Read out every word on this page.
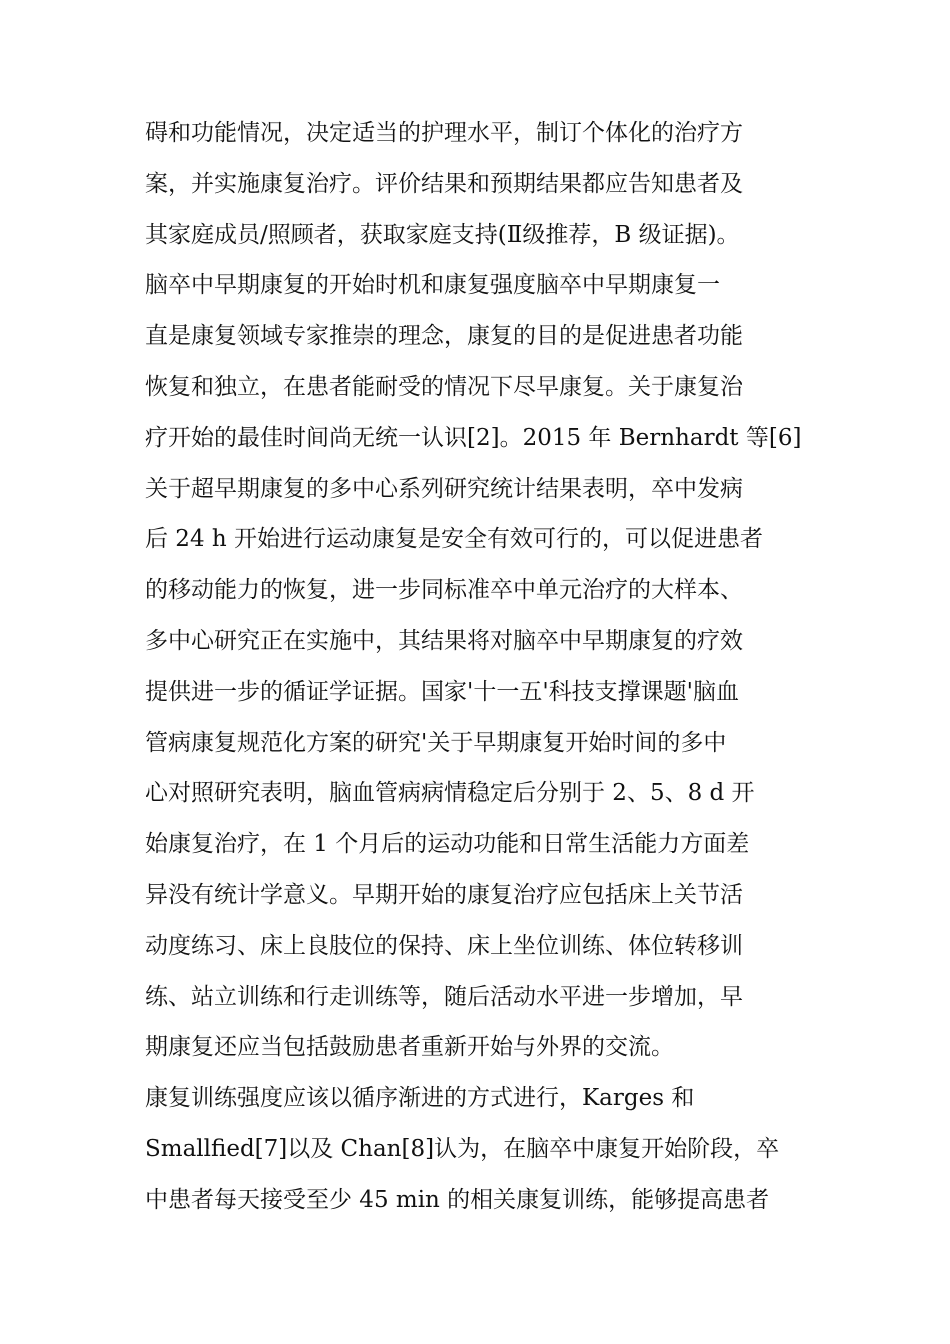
碍和功能情况，决定适当的护理水平，制订个体化的治疗方
案，并实施康复治疗。评价结果和预期结果都应告知患者及
其家庭成员/照顾者，获取家庭支持(Ⅱ级推荐，B 级证据)。
脑卒中早期康复的开始时机和康复强度脑卒中早期康复一
直是康复领域专家推崇的理念，康复的目的是促进患者功能
恢复和独立，在患者能耐受的情况下尽早康复。关于康复治
疗开始的最佳时间尚无统一认识[2]。2015 年 Bernhardt 等[6]
关于超早期康复的多中心系列研究统计结果表明，卒中发病
后 24 h 开始进行运动康复是安全有效可行的，可以促进患者
的移动能力的恢复，进一步同标准卒中单元治疗的大样本、
多中心研究正在实施中，其结果将对脑卒中早期康复的疗效
提供进一步的循证学证据。国家'十一五'科技支撑课题'脑血
管病康复规范化方案的研究'关于早期康复开始时间的多中
心对照研究表明，脑血管病病情稳定后分别于 2、5、8 d 开
始康复治疗，在 1 个月后的运动功能和日常生活能力方面差
异没有统计学意义。早期开始的康复治疗应包括床上关节活
动度练习、床上良肢位的保持、床上坐位训练、体位转移训
练、站立训练和行走训练等，随后活动水平进一步增加，早
期康复还应当包括鼓励患者重新开始与外界的交流。
康复训练强度应该以循序渐进的方式进行，Karges 和
Smallfied[7]以及 Chan[8]认为，在脑卒中康复开始阶段，卒
中患者每天接受至少 45 min 的相关康复训练，能够提高患者
